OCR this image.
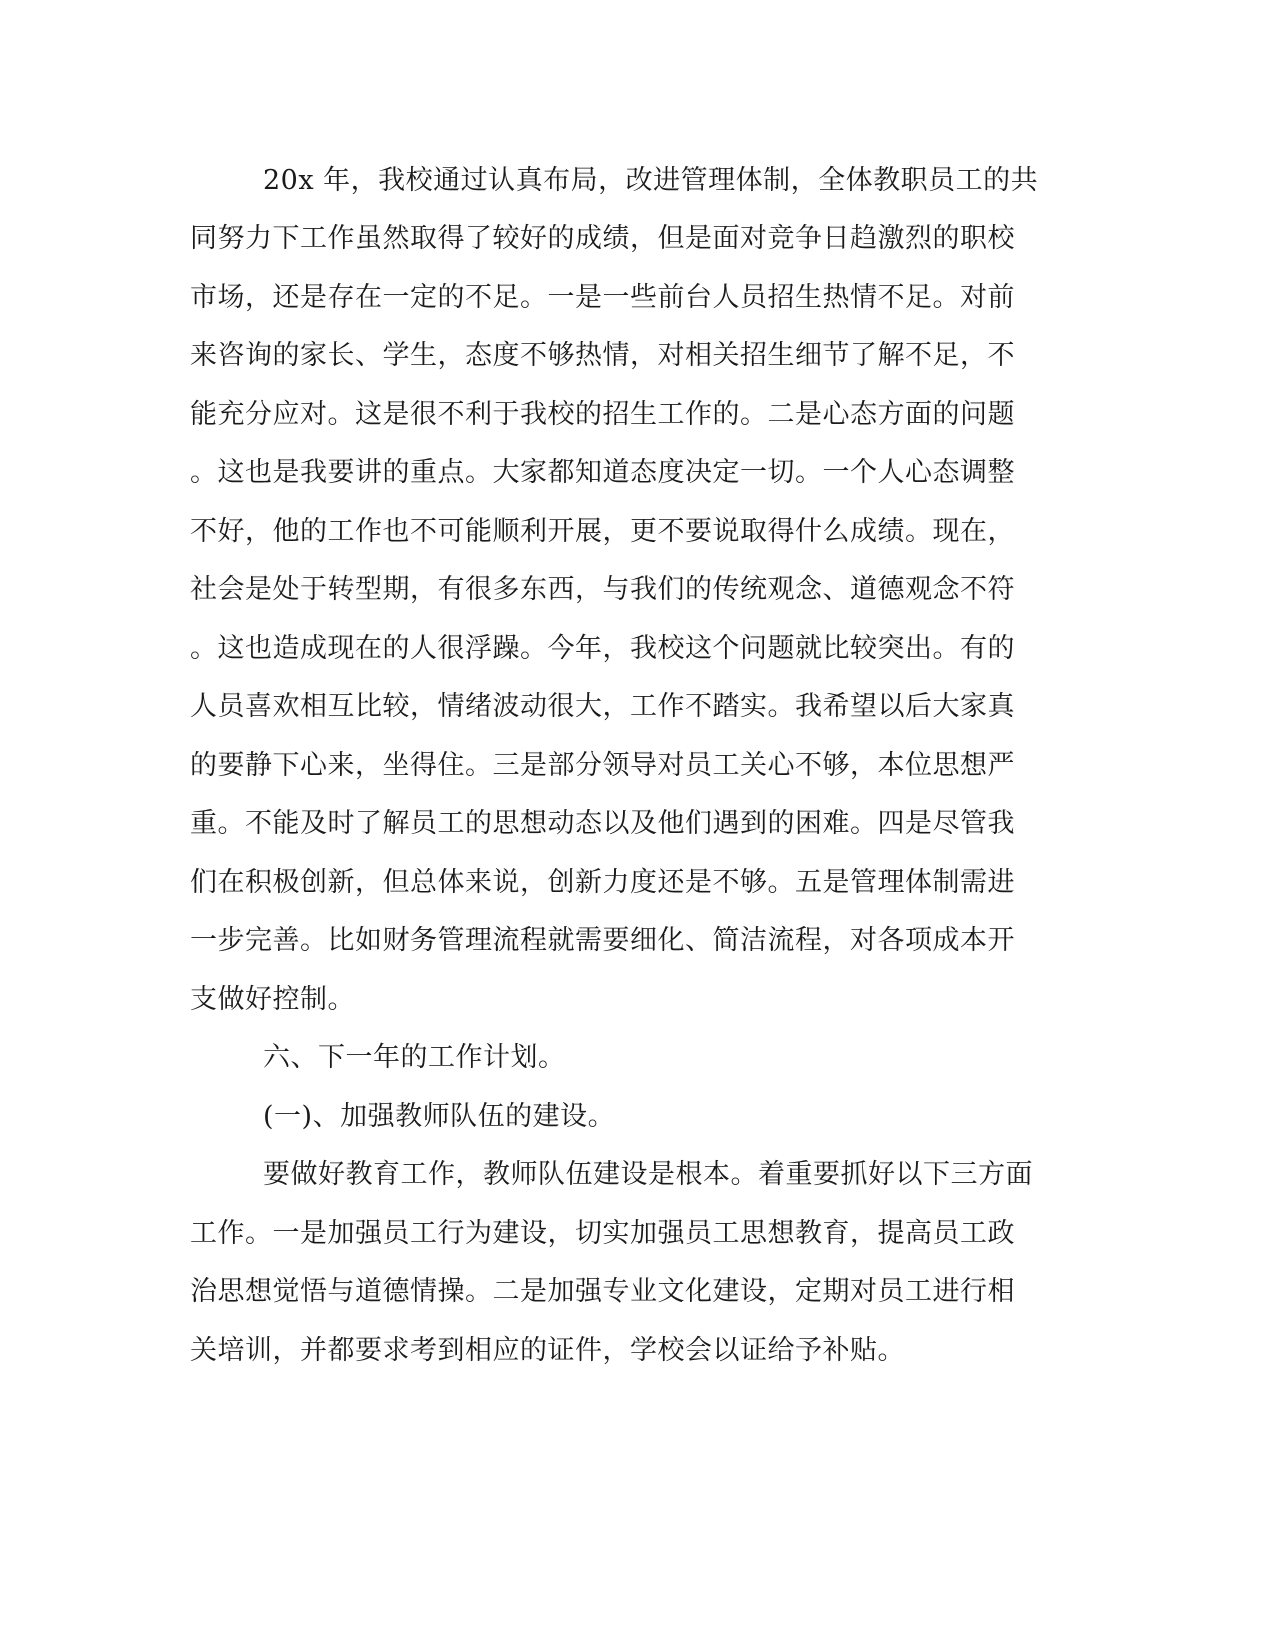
20x 年，我校通过认真布局，改进管理体制，全体教职员工的共
同努力下工作虽然取得了较好的成绩，但是面对竞争日趋激烈的职校
市场，还是存在一定的不足。一是一些前台人员招生热情不足。对前
来咨询的家长、学生，态度不够热情，对相关招生细节了解不足，不
能充分应对。这是很不利于我校的招生工作的。二是心态方面的问题
。这也是我要讲的重点。大家都知道态度决定一切。一个人心态调整
不好，他的工作也不可能顺利开展，更不要说取得什么成绩。现在，
社会是处于转型期，有很多东西，与我们的传统观念、道德观念不符
。这也造成现在的人很浮躁。今年，我校这个问题就比较突出。有的
人员喜欢相互比较，情绪波动很大，工作不踏实。我希望以后大家真
的要静下心来，坐得住。三是部分领导对员工关心不够，本位思想严
重。不能及时了解员工的思想动态以及他们遇到的困难。四是尽管我
们在积极创新，但总体来说，创新力度还是不够。五是管理体制需进
一步完善。比如财务管理流程就需要细化、简洁流程，对各项成本开
支做好控制。
六、下一年的工作计划。
(一)、加强教师队伍的建设。
要做好教育工作，教师队伍建设是根本。着重要抓好以下三方面
工作。一是加强员工行为建设，切实加强员工思想教育，提高员工政
治思想觉悟与道德情操。二是加强专业文化建设，定期对员工进行相
关培训，并都要求考到相应的证件，学校会以证给予补贴。
